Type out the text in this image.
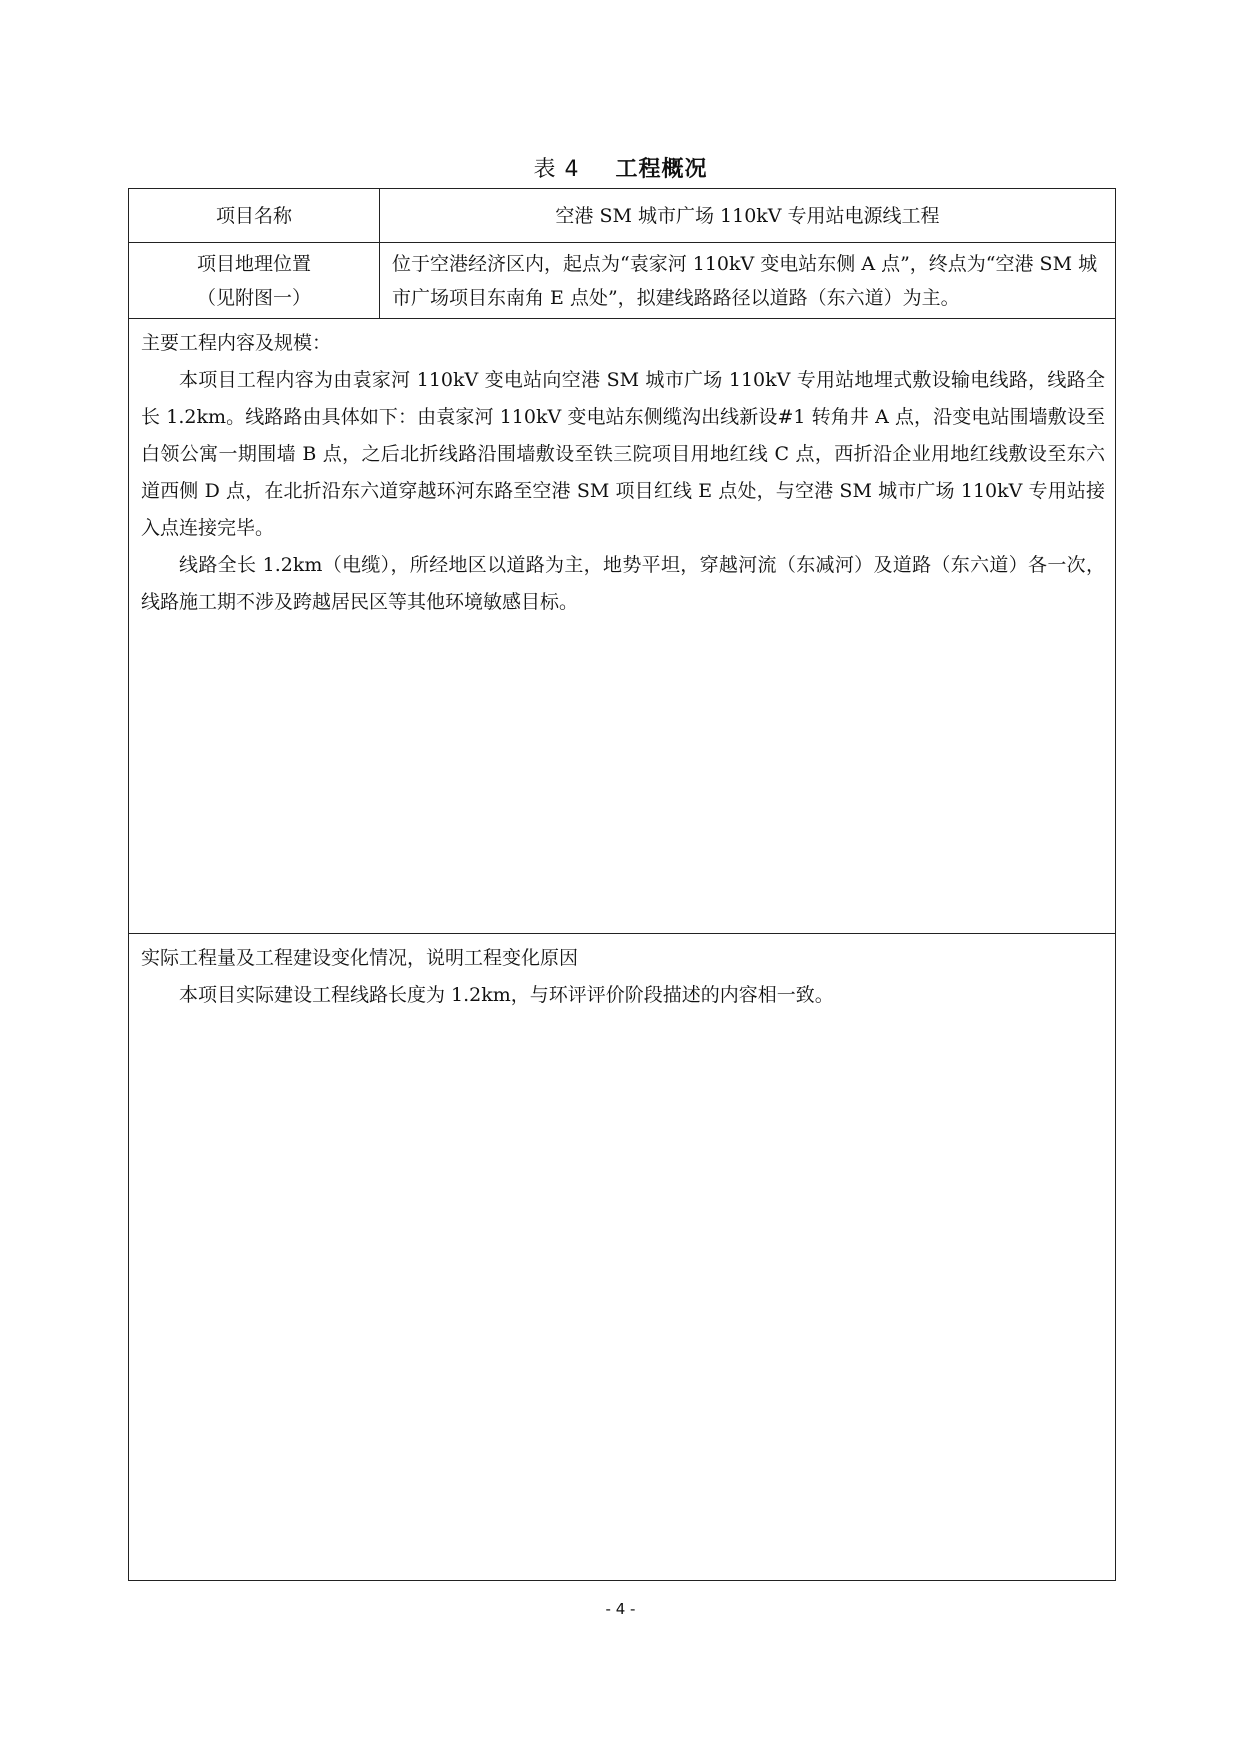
表 4 工程概况
项目名称	空港 SM 城市广场 110kV 专用站电源线工程
项目地理位置
（见附图一）
位于空港经济区内，起点为“袁家河 110kV 变电站东侧 A 点”，终点为“空港 SM 城市广场项目东南角 E 点处”，拟建线路路径以道路（东六道）为主。

主要工程内容及规模：

本项目工程内容为由袁家河 110kV 变电站向空港 SM 城市广场 110kV 专用站地埋式敷设输电线路，线路全长 1.2km。线路路由具体如下：由袁家河 110kV 变电站东侧缆沟出线新设#1 转角井 A 点，沿变电站围墙敷设至白领公寓一期围墙 B 点，之后北折线路沿围墙敷设至铁三院项目用地红线 C 点，西折沿企业用地红线敷设至东六道西侧 D 点，在北折沿东六道穿越环河东路至空港 SM 项目红线 E 点处，与空港 SM 城市广场 110kV 专用站接入点连接完毕。

线路全长 1.2km（电缆），所经地区以道路为主，地势平坦，穿越河流（东减河）及道路（东六道）各一次，线路施工期不涉及跨越居民区等其他环境敏感目标。

实际工程量及工程建设变化情况，说明工程变化原因

本项目实际建设工程线路长度为 1.2km，与环评评价阶段描述的内容相一致。

- 4 -
